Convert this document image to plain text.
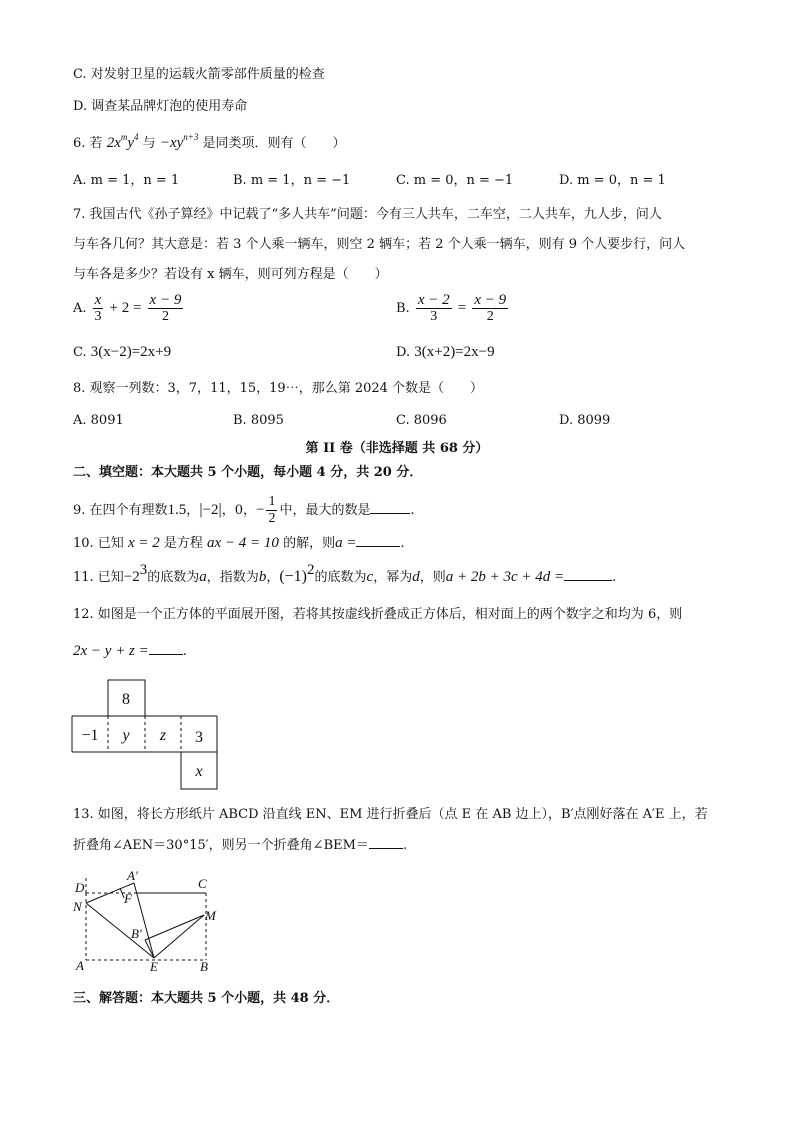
C. 对发射卫星的运载火箭零部件质量的检查
D. 调查某品牌灯泡的使用寿命
6. 若 $2x^my^4$ 与 $-xy^{n+3}$ 是同类项．则有（　　）
A. m = 1，n = 1	B. m = 1，n = −1	C. m = 0，n = −1	D. m = 0，n = 1
7. 我国古代《孙子算经》中记载了“多人共车”问题：今有三人共车，二车空，二人共车，九人步，问人
与车各几何？其大意是：若 3 个人乘一辆车，则空 2 辆车；若 2 个人乘一辆车，则有 9 个人要步行，问人
与车各是多少？若设有 x 辆车，则可列方程是（　　）
A. $\frac{x}{3} + 2 = \frac{x - 9}{2}$	B. $\frac{x - 2}{3} = \frac{x - 9}{2}$
C. 3(x−2)=2x+9	D. 3(x+2)=2x−9
8. 观察一列数：3，7，11，15，19⋯，那么第 2024 个数是（　　）
A. 8091	B. 8095	C. 8096	D. 8099
第 II 卷（非选择题 共 68 分）
二、填空题：本大题共 5 个小题，每小题 4 分，共 20 分．
9. 在四个有理数1.5，|−2|，0，− $\frac{1}{2}$ 中，最大的数是	.
10. 已知 x = 2 是方程 ax − 4 = 10 的解，则a =	.
11. 已知$-2^3$的底数为a，指数为b，$(-1)^2$的底数为c，幂为d，则a + 2b + 3c + 4d =	.
12. 如图是一个正方体的平面展开图，若将其按虚线折叠成正方体后，相对面上的两个数字之和均为 6，则
2x − y + z =	.
8
−1 y z 3
x
13. 如图，将长方形纸片 ABCD 沿直线 EN、EM 进行折叠后（点 E 在 AB 边上），B′点刚好落在 A′E 上，若
折叠角∠AEN＝30°15′，则另一个折叠角∠BEM＝	.
D
A′
C
N
F
M
B′
A	E	B
三、解答题：本大题共 5 个小题，共 48 分．
